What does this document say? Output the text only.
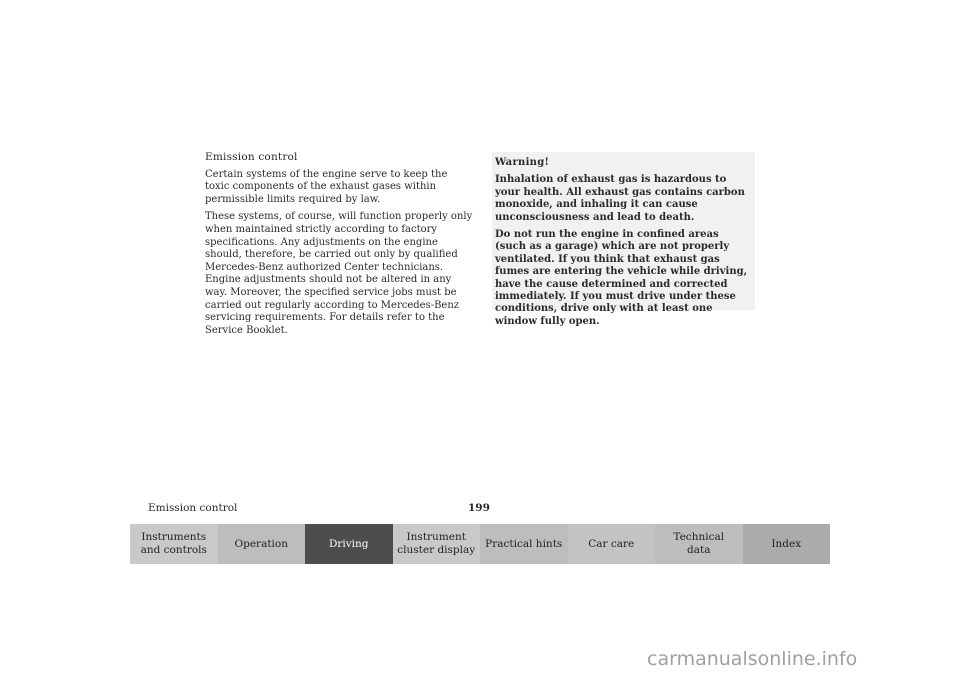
Emission control

Certain systems of the engine serve to keep the toxic components of the exhaust gases within permissible limits required by law.

These systems, of course, will function properly only when maintained strictly according to factory specifications. Any adjustments on the engine should, therefore, be carried out only by qualified Mercedes-Benz authorized Center technicians. Engine adjustments should not be altered in any way. Moreover, the specified service jobs must be carried out regularly according to Mercedes-Benz servicing requirements. For details refer to the Service Booklet.

Warning!

Inhalation of exhaust gas is hazardous to your health. All exhaust gas contains carbon monoxide, and inhaling it can cause unconsciousness and lead to death.

Do not run the engine in confined areas (such as a garage) which are not properly ventilated. If you think that exhaust gas fumes are entering the vehicle while driving, have the cause determined and corrected immediately. If you must drive under these conditions, drive only with at least one window fully open.

Emission control	199
Instruments
and controls
Operation	Driving
Instrument
cluster display
Practical hints	Car care
Technical
data
Index
carmanualsonline.info
